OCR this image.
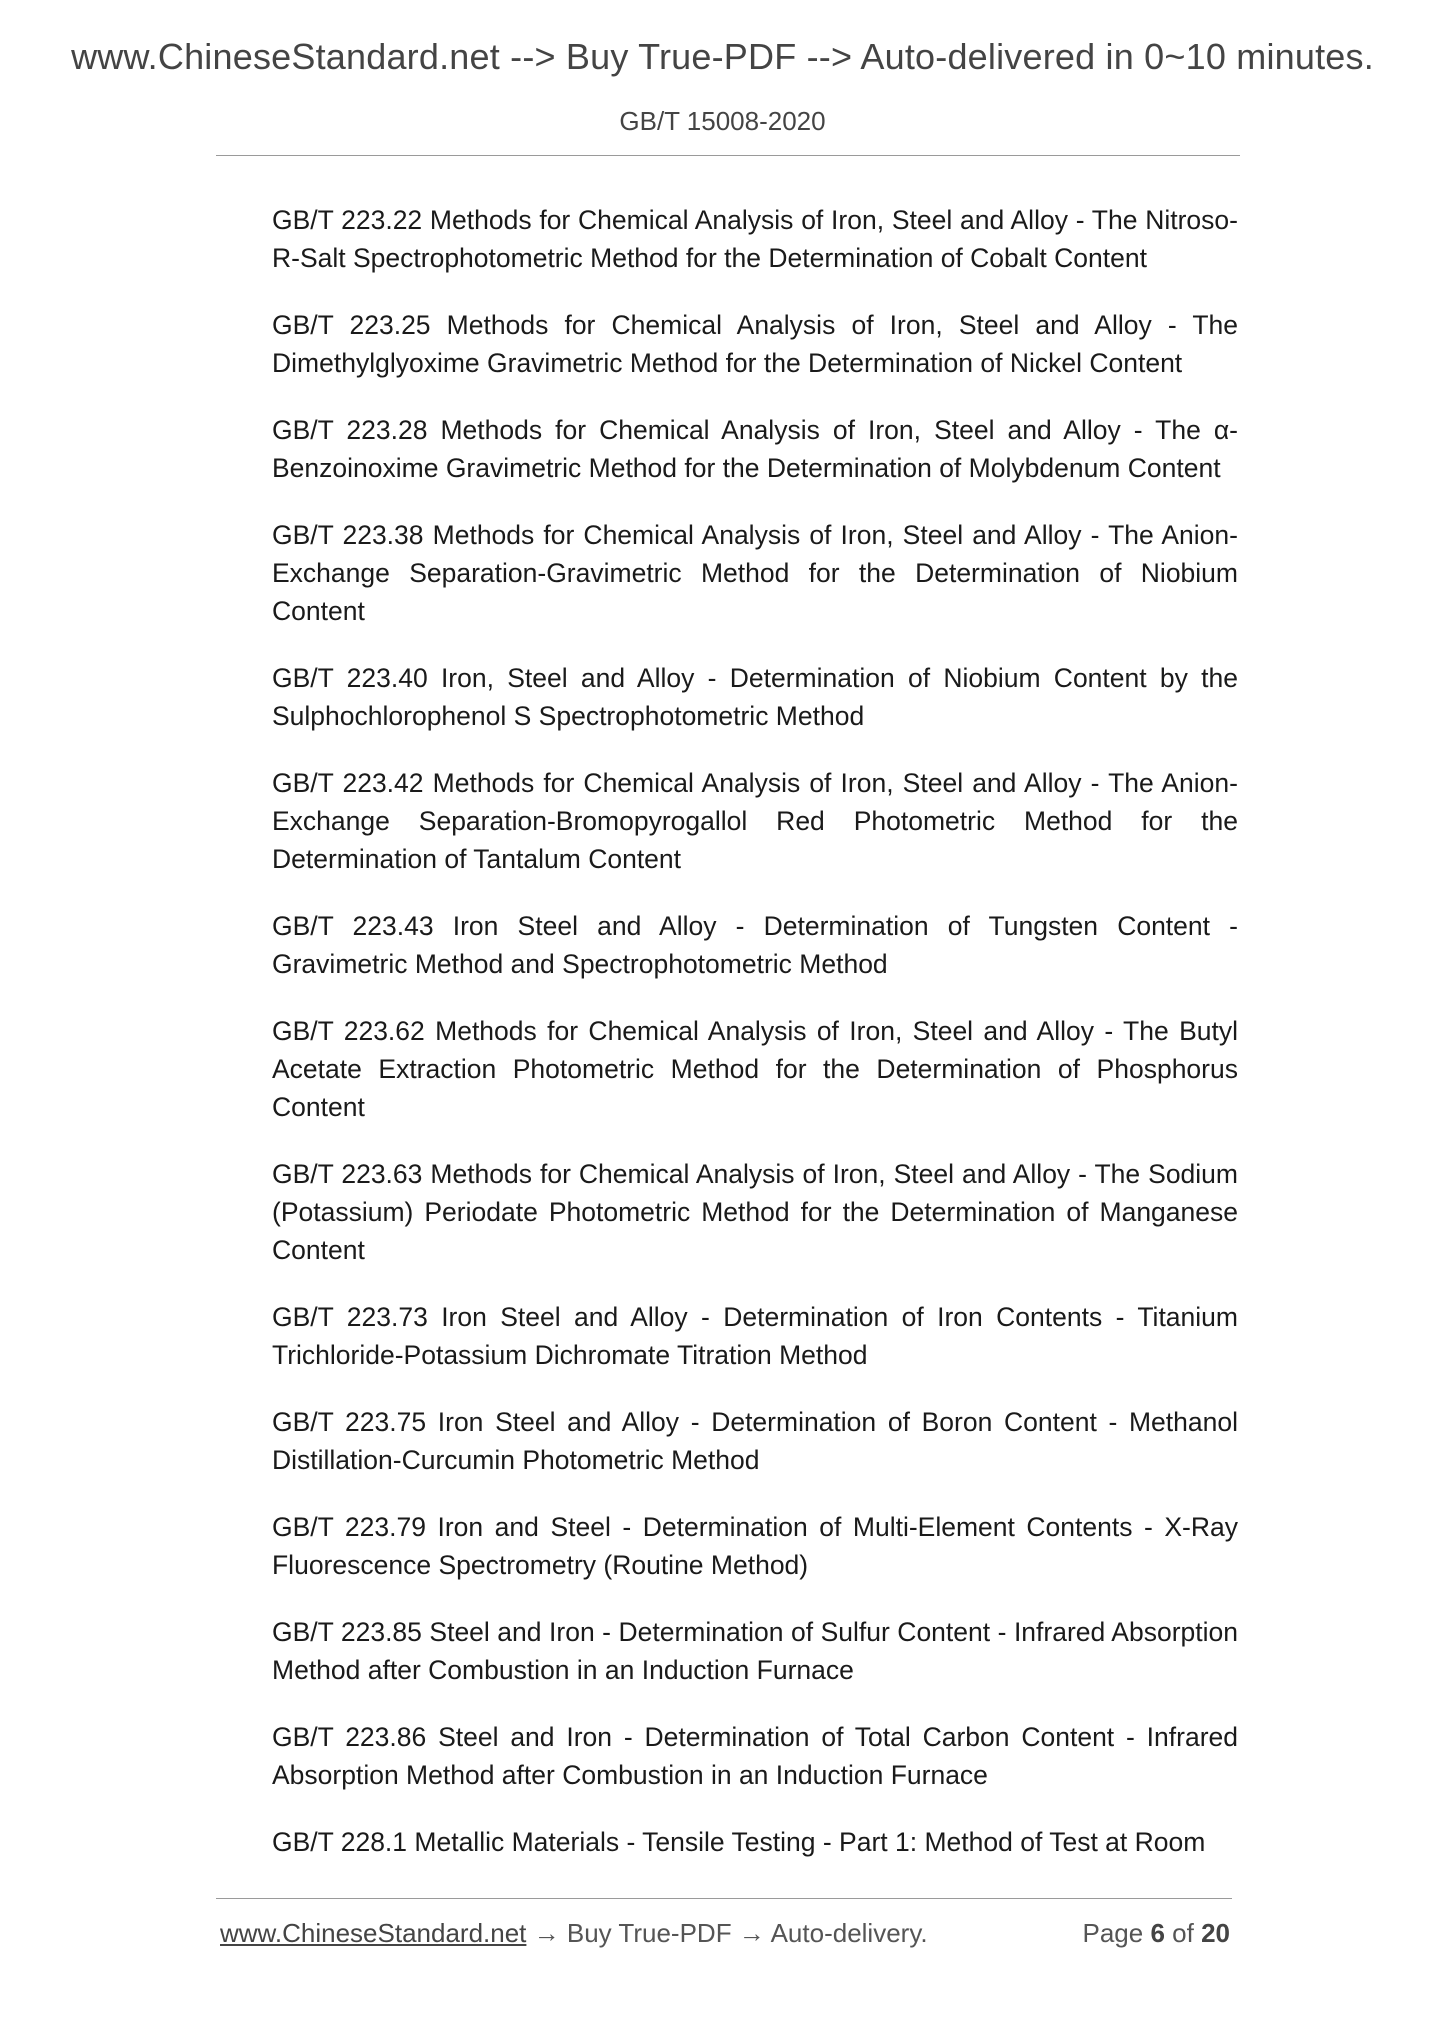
www.ChineseStandard.net --> Buy True-PDF --> Auto-delivered in 0~10 minutes.
GB/T 15008-2020

GB/T 223.22 Methods for Chemical Analysis of Iron, Steel and Alloy - The Nitroso-R-Salt Spectrophotometric Method for the Determination of Cobalt Content

GB/T 223.25 Methods for Chemical Analysis of Iron, Steel and Alloy - The Dimethylglyoxime Gravimetric Method for the Determination of Nickel Content

GB/T 223.28 Methods for Chemical Analysis of Iron, Steel and Alloy - The α-Benzoinoxime Gravimetric Method for the Determination of Molybdenum Content

GB/T 223.38 Methods for Chemical Analysis of Iron, Steel and Alloy - The Anion-Exchange Separation-Gravimetric Method for the Determination of Niobium Content

GB/T 223.40 Iron, Steel and Alloy - Determination of Niobium Content by the Sulphochlorophenol S Spectrophotometric Method

GB/T 223.42 Methods for Chemical Analysis of Iron, Steel and Alloy - The Anion-Exchange Separation-Bromopyrogallol Red Photometric Method for the Determination of Tantalum Content

GB/T 223.43 Iron Steel and Alloy - Determination of Tungsten Content - Gravimetric Method and Spectrophotometric Method

GB/T 223.62 Methods for Chemical Analysis of Iron, Steel and Alloy - The Butyl Acetate Extraction Photometric Method for the Determination of Phosphorus Content

GB/T 223.63 Methods for Chemical Analysis of Iron, Steel and Alloy - The Sodium (Potassium) Periodate Photometric Method for the Determination of Manganese Content

GB/T 223.73 Iron Steel and Alloy - Determination of Iron Contents - Titanium Trichloride-Potassium Dichromate Titration Method

GB/T 223.75 Iron Steel and Alloy - Determination of Boron Content - Methanol Distillation-Curcumin Photometric Method

GB/T 223.79 Iron and Steel - Determination of Multi-Element Contents - X-Ray Fluorescence Spectrometry (Routine Method)

GB/T 223.85 Steel and Iron - Determination of Sulfur Content - Infrared Absorption Method after Combustion in an Induction Furnace

GB/T 223.86 Steel and Iron - Determination of Total Carbon Content - Infrared Absorption Method after Combustion in an Induction Furnace

GB/T 228.1 Metallic Materials - Tensile Testing - Part 1: Method of Test at Room

www.ChineseStandard.net → Buy True-PDF → Auto-delivery.	Page 6 of 20
